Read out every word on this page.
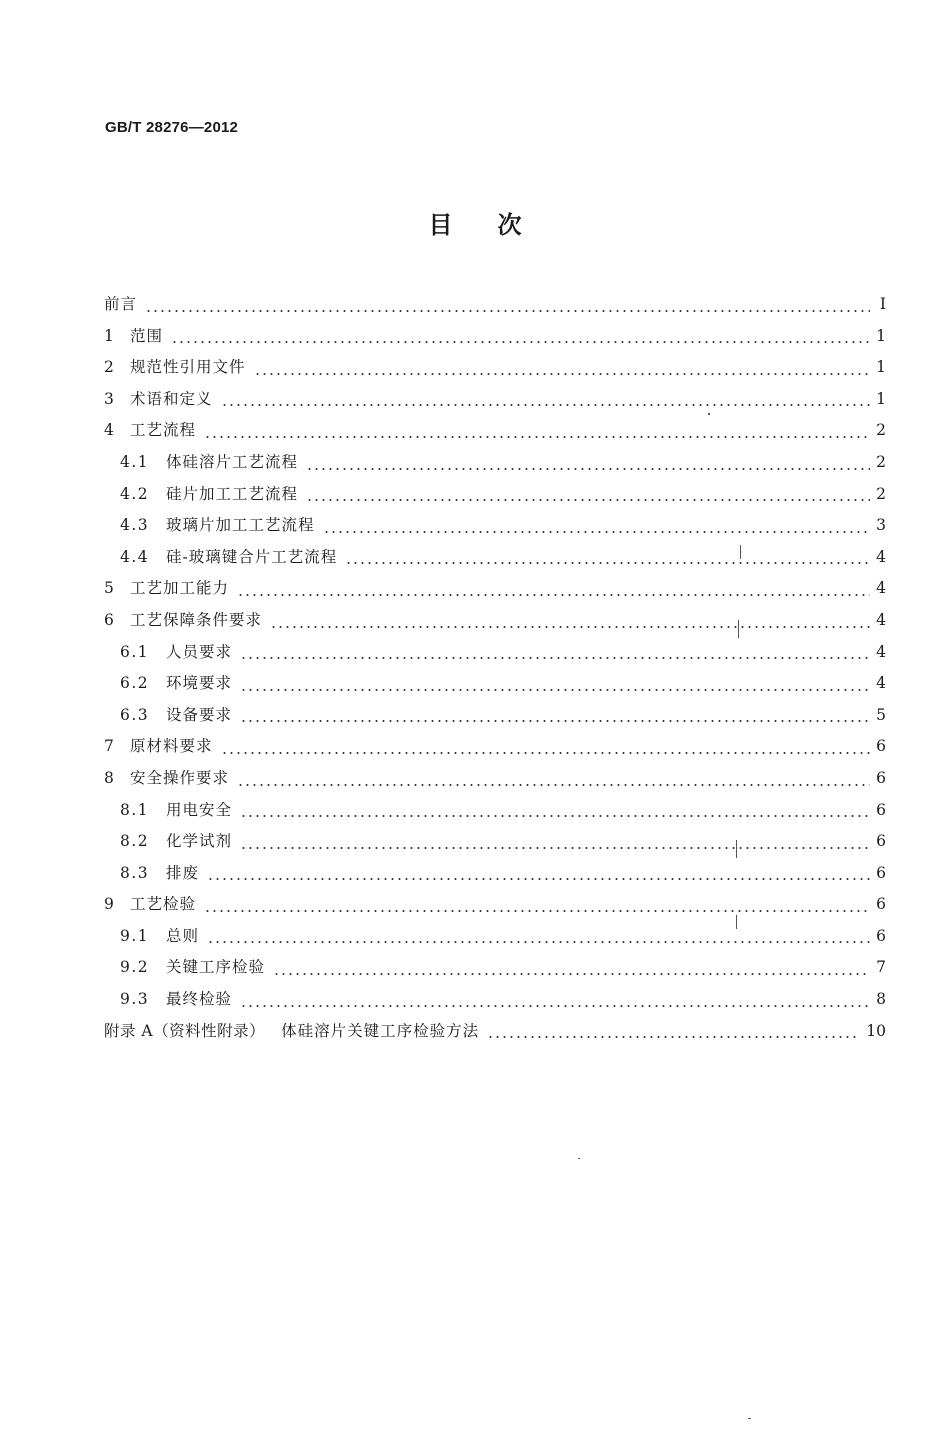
GB/T 28276—2012
目次
前言	Ⅰ
1	范围	1
2	规范性引用文件	1
3	术语和定义	1
4	工艺流程	2
4.1	体硅溶片工艺流程	2
4.2	硅片加工工艺流程	2
4.3	玻璃片加工工艺流程	3
4.4	硅-玻璃键合片工艺流程	4
5	工艺加工能力	4
6	工艺保障条件要求	4
6.1	人员要求	4
6.2	环境要求	4
6.3	设备要求	5
7	原材料要求	6
8	安全操作要求	6
8.1	用电安全	6
8.2	化学试剂	6
8.3	排废	6
9	工艺检验	6
9.1	总则	6
9.2	关键工序检验	7
9.3	最终检验	8
附录 A（资料性附录） 体硅溶片关键工序检验方法	10
